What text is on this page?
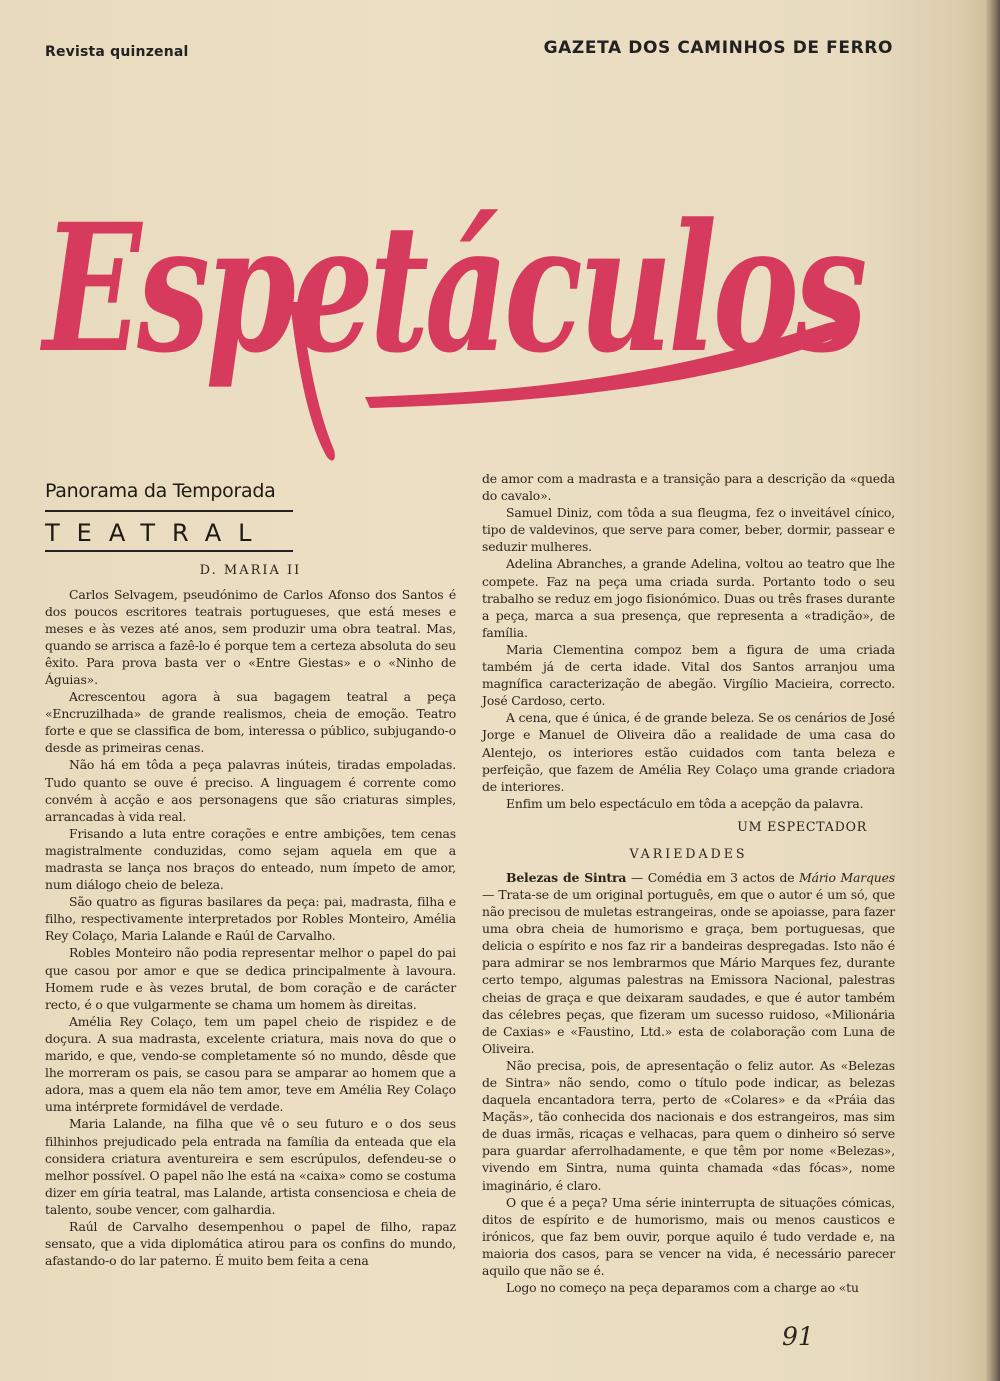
Revista quinzenal	GAZETA DOS CAMINHOS DE FERRO
Espetáculos
Panorama da Temporada
TEATRAL
D. MARIA II

Carlos Selvagem, pseudónimo de Carlos Afonso dos Santos é dos poucos escritores teatrais portugueses, que está meses e meses e às vezes até anos, sem produzir uma obra teatral. Mas, quando se arrisca a fazê-lo é porque tem a certeza absoluta do seu êxito. Para prova basta ver o «Entre Giestas» e o «Ninho de Águias».

Acrescentou agora à sua bagagem teatral a peça «Encruzilhada» de grande realismos, cheia de emoção. Teatro forte e que se classifica de bom, interessa o público, subjugando-o desde as primeiras cenas.

Não há em tôda a peça palavras inúteis, tiradas empoladas. Tudo quanto se ouve é preciso. A linguagem é corrente como convém à acção e aos personagens que são criaturas simples, arrancadas à vida real.

Frisando a luta entre corações e entre ambições, tem cenas magistralmente conduzidas, como sejam aquela em que a madrasta se lança nos braços do enteado, num ímpeto de amor, num diálogo cheio de beleza.

São quatro as figuras basilares da peça: pai, madrasta, filha e filho, respectivamente interpretados por Robles Monteiro, Amélia Rey Colaço, Maria Lalande e Raúl de Carvalho.

Robles Monteiro não podia representar melhor o papel do pai que casou por amor e que se dedica principalmente à lavoura. Homem rude e às vezes brutal, de bom coração e de carácter recto, é o que vulgarmente se chama um homem às direitas.

Amélia Rey Colaço, tem um papel cheio de rispidez e de doçura. A sua madrasta, excelente criatura, mais nova do que o marido, e que, vendo-se completamente só no mundo, dêsde que lhe morreram os pais, se casou para se amparar ao homem que a adora, mas a quem ela não tem amor, teve em Amélia Rey Colaço uma intérprete formidável de verdade.

Maria Lalande, na filha que vê o seu futuro e o dos seus filhinhos prejudicado pela entrada na família da enteada que ela considera criatura aventureira e sem escrúpulos, defendeu-se o melhor possível. O papel não lhe está na «caixa» como se costuma dizer em gíria teatral, mas Lalande, artista consenciosa e cheia de talento, soube vencer, com galhardia.

Raúl de Carvalho desempenhou o papel de filho, rapaz sensato, que a vida diplomática atirou para os confins do mundo, afastando-o do lar paterno. É muito bem feita a cena

de amor com a madrasta e a transição para a descrição da «queda do cavalo».

Samuel Diniz, com tôda a sua fleugma, fez o inveitável cínico, tipo de valdevinos, que serve para comer, beber, dormir, passear e seduzir mulheres.

Adelina Abranches, a grande Adelina, voltou ao teatro que lhe compete. Faz na peça uma criada surda. Portanto todo o seu trabalho se reduz em jogo fisionómico. Duas ou três frases durante a peça, marca a sua presença, que representa a «tradição», de família.

Maria Clementina compoz bem a figura de uma criada também já de certa idade. Vital dos Santos arranjou uma magnífica caracterização de abegão. Virgílio Macieira, correcto. José Cardoso, certo.

A cena, que é única, é de grande beleza. Se os cenários de José Jorge e Manuel de Oliveira dão a realidade de uma casa do Alentejo, os interiores estão cuidados com tanta beleza e perfeição, que fazem de Amélia Rey Colaço uma grande criadora de interiores.

Enfim um belo espectáculo em tôda a acepção da palavra.

UM ESPECTADOR
VARIEDADES

Belezas de Sintra — Comédia em 3 actos de Mário Marques — Trata-se de um original português, em que o autor é um só, que não precisou de muletas estrangeiras, onde se apoiasse, para fazer uma obra cheia de humorismo e graça, bem portuguesas, que delicia o espírito e nos faz rir a bandeiras despregadas. Isto não é para admirar se nos lembrarmos que Mário Marques fez, durante certo tempo, algumas palestras na Emissora Nacional, palestras cheias de graça e que deixaram saudades, e que é autor também das célebres peças, que fizeram um sucesso ruidoso, «Milionária de Caxias» e «Faustino, Ltd.» esta de colaboração com Luna de Oliveira.

Não precisa, pois, de apresentação o feliz autor. As «Belezas de Sintra» não sendo, como o título pode indicar, as belezas daquela encantadora terra, perto de «Colares» e da «Práia das Maçãs», tão conhecida dos nacionais e dos estrangeiros, mas sim de duas irmãs, ricaças e velhacas, para quem o dinheiro só serve para guardar aferrolhadamente, e que têm por nome «Belezas», vivendo em Sintra, numa quinta chamada «das fócas», nome imaginário, é claro.

O que é a peça? Uma série ininterrupta de situações cómicas, ditos de espírito e de humorismo, mais ou menos causticos e irónicos, que faz bem ouvir, porque aquilo é tudo verdade e, na maioria dos casos, para se vencer na vida, é necessário parecer aquilo que não se é.

Logo no começo na peça deparamos com a charge ao «tu

91
